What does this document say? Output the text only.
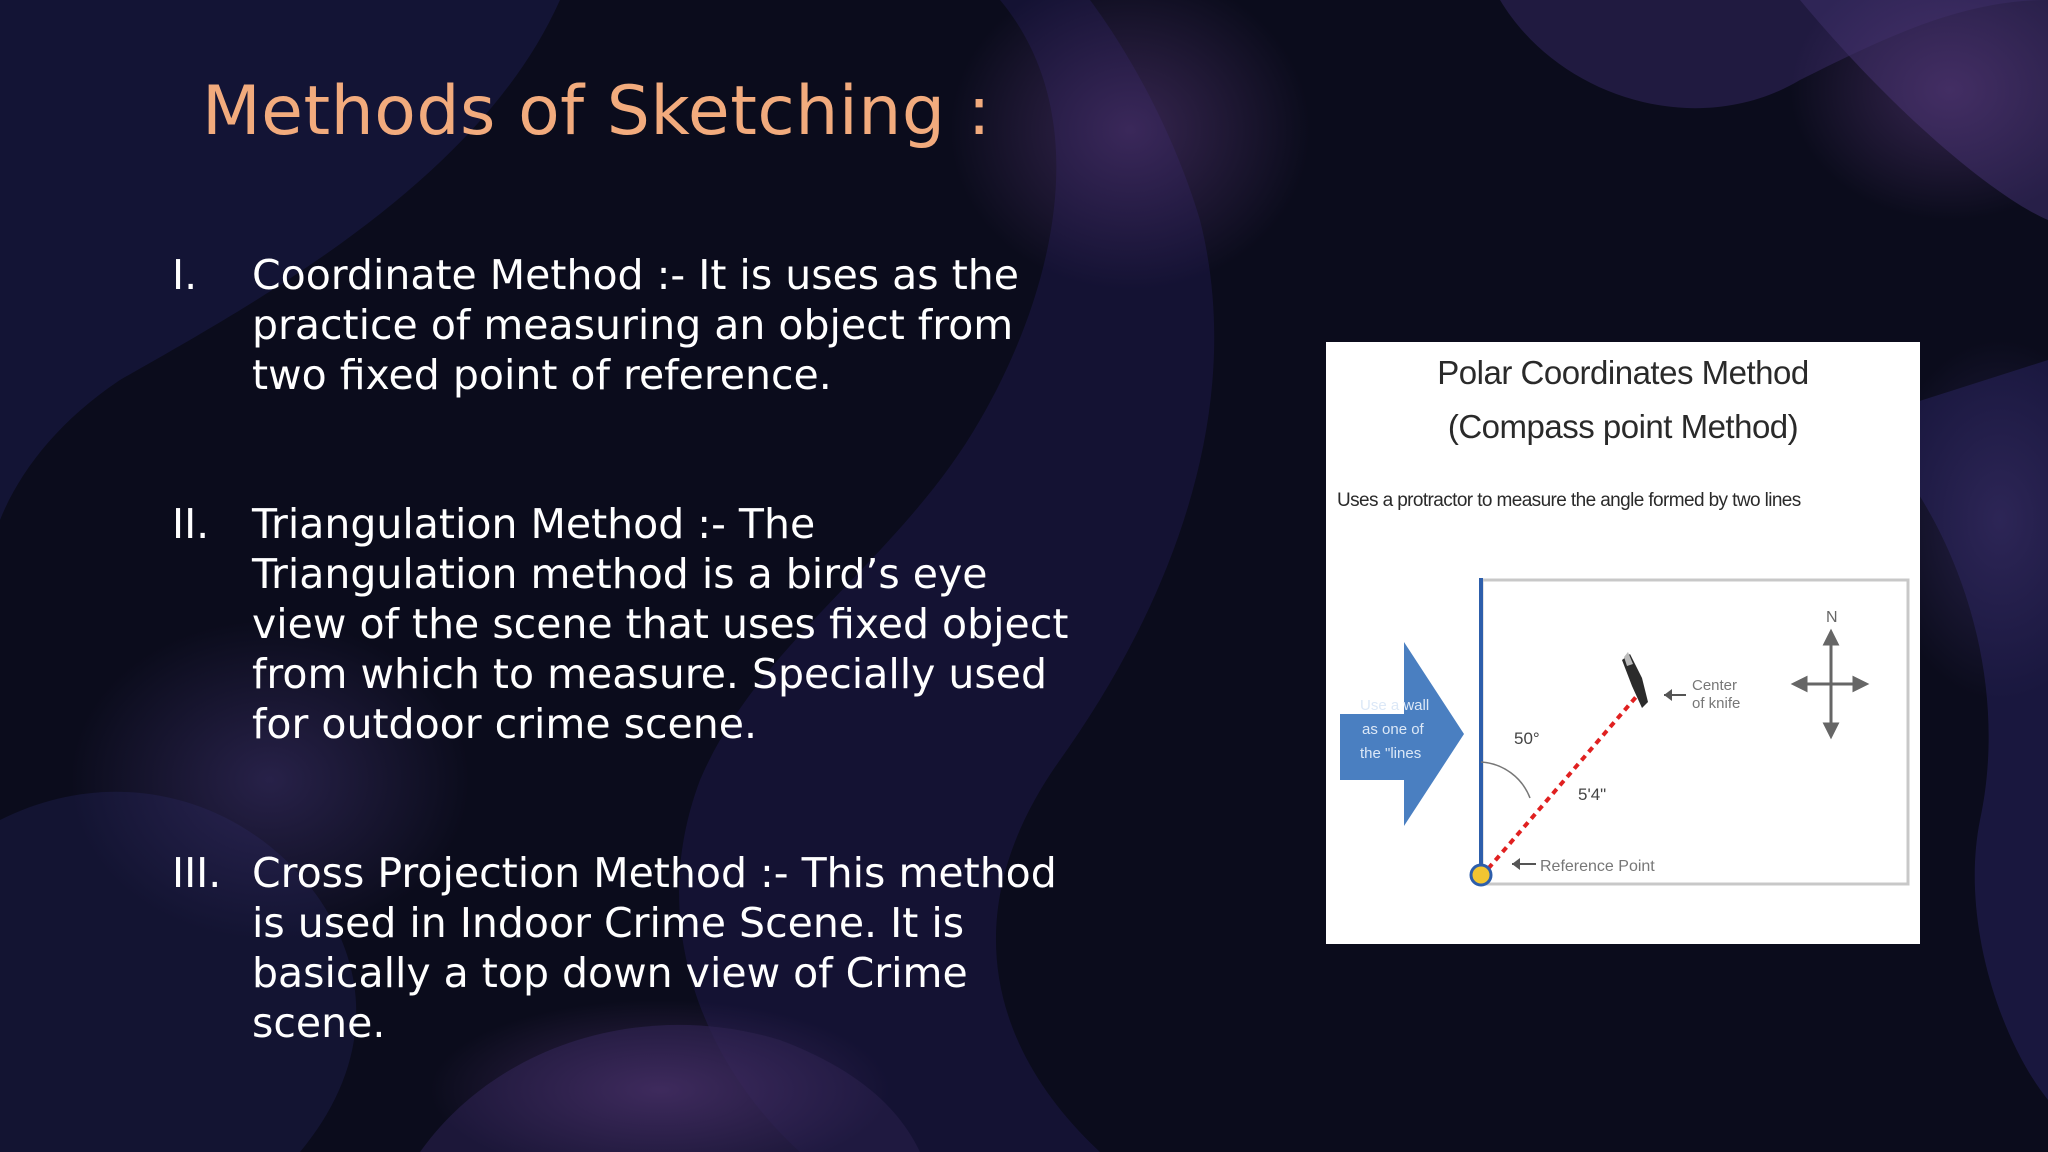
Methods of Sketching :
I.	Coordinate Method :- It is uses as the practice of measuring an object from two fixed point of reference.
II.	Triangulation Method :- The Triangulation method is a bird’s eye view of the scene that uses fixed object from which to measure. Specially used for outdoor crime scene.
III. Cross Projection Method :- This method is used in Indoor Crime Scene. It is basically a top down view of Crime scene.
Polar Coordinates Method
(Compass point Method)
Uses a protractor to measure the angle formed by two lines
Use a wall
as one of
the "lines
50°
5'4"
Center
of knife
Reference Point
N
